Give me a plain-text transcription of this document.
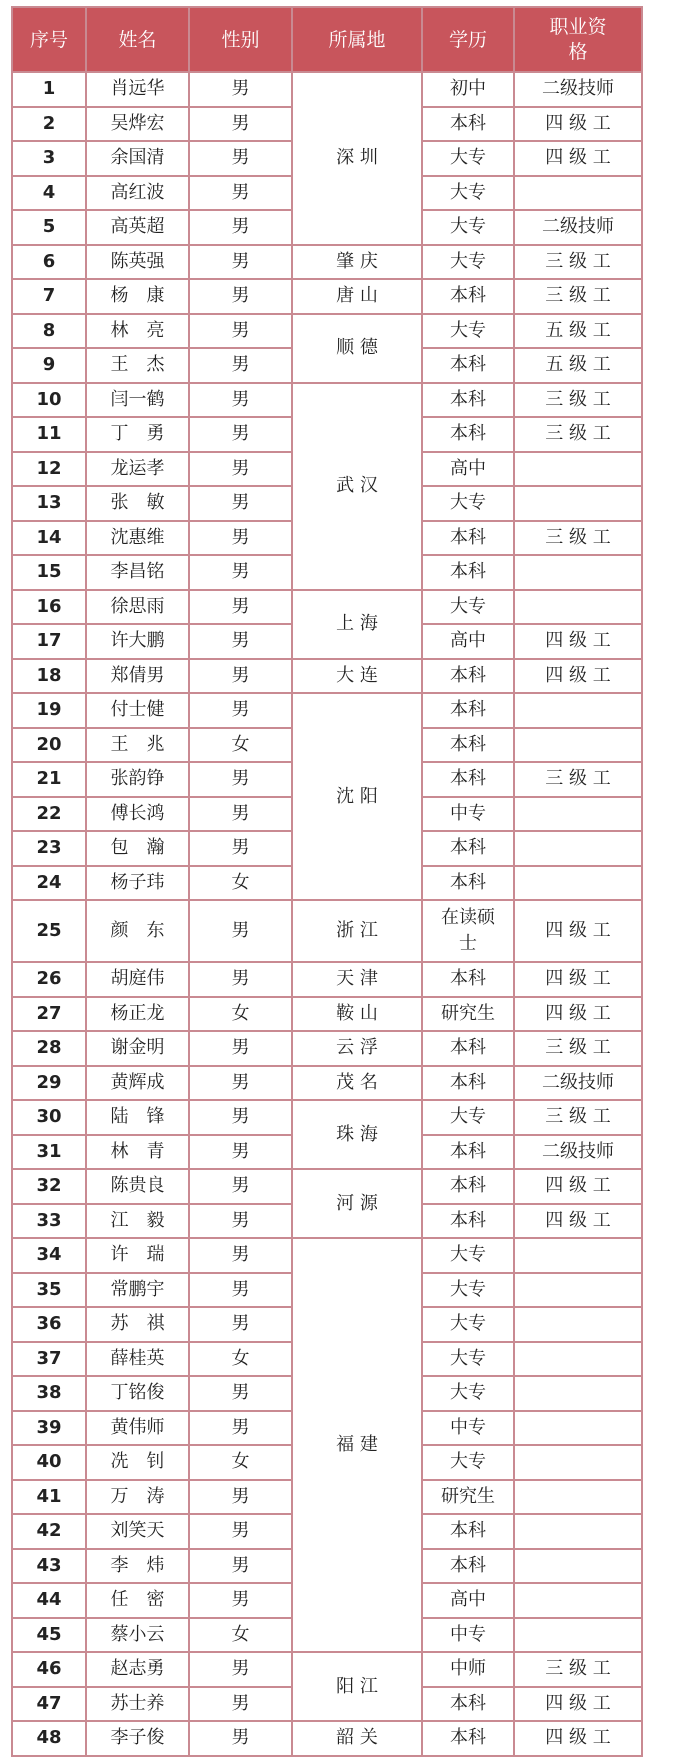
序号	姓名	性别	所属地	学历	职业资格
1	肖远华	男	深 圳	初中	二级技师
2	吴烨宏	男		本科	四 级 工
3	余国清	男		大专	四 级 工
4	高红波	男		大专	
5	高英超	男		大专	二级技师
6	陈英强	男	肇 庆	大专	三 级 工
7	杨　康	男	唐 山	本科	三 级 工
8	林　亮	男	顺 德	大专	五 级 工
9	王　杰	男		本科	五 级 工
10	闫一鹤	男	武 汉	本科	三 级 工
11	丁　勇	男		本科	三 级 工
12	龙运孝	男		高中	
13	张　敏	男		大专	
14	沈惠维	男		本科	三 级 工
15	李昌铭	男		本科	
16	徐思雨	男	上 海	大专	
17	许大鹏	男		高中	四 级 工
18	郑倩男	男	大 连	本科	四 级 工
19	付士健	男	沈 阳	本科	
20	王　兆	女		本科	
21	张韵铮	男		本科	三 级 工
22	傅长鸿	男		中专	
23	包　瀚	男		本科	
24	杨子玮	女		本科	
25	颜　东	男	浙 江	在读硕士	四 级 工
26	胡庭伟	男	天 津	本科	四 级 工
27	杨正龙	女	鞍 山	研究生	四 级 工
28	谢金明	男	云 浮	本科	三 级 工
29	黄辉成	男	茂 名	本科	二级技师
30	陆　锋	男	珠 海	大专	三 级 工
31	林　青	男		本科	二级技师
32	陈贵良	男	河 源	本科	四 级 工
33	江　毅	男		本科	四 级 工
34	许　瑞	男	福 建	大专	
35	常鹏宇	男		大专	
36	苏　祺	男		大专	
37	薛桂英	女		大专	
38	丁铭俊	男		大专	
39	黄伟师	男		中专	
40	冼　钊	女		大专	
41	万　涛	男		研究生	
42	刘笑天	男		本科	
43	李　炜	男		本科	
44	任　密	男		高中	
45	蔡小云	女		中专	
46	赵志勇	男	阳 江	中师	三 级 工
47	苏士养	男		本科	四 级 工
48	李子俊	男	韶 关	本科	四 级 工
